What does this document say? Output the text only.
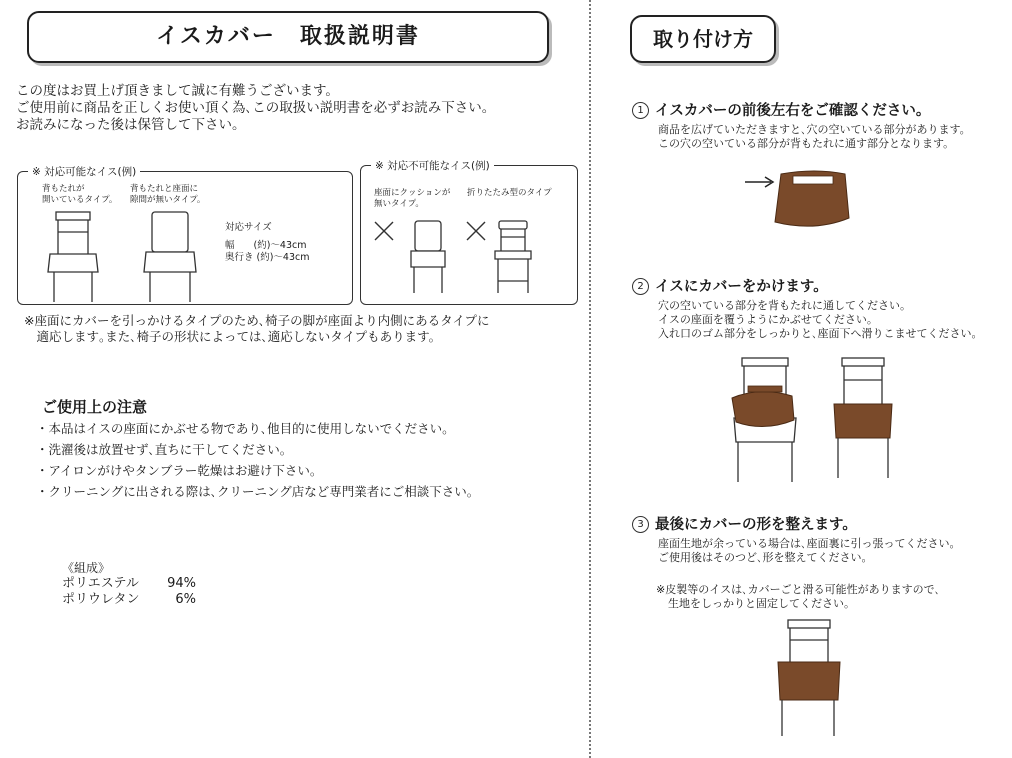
イスカバー　取扱説明書
この度はお買上げ頂きまして誠に有難うございます。
ご使用前に商品を正しくお使い頂く為､この取扱い説明書を必ずお読み下さい。
お読みになった後は保管して下さい。
※ 対応可能なイス(例)
背もたれが
開いているタイプ。
背もたれと座面に
隙間が無いタイプ。
対応サイズ
幅　　(約)～43cm
奥行き (約)～43cm
※ 対応不可能なイス(例)
座面にクッションが
無いタイプ。
折りたたみ型のタイプ
※座面にカバーを引っかけるタイプのため､椅子の脚が座面より内側にあるタイプに
　適応します｡また､椅子の形状によっては､適応しないタイプもあります。
ご使用上の注意
・本品はイスの座面にかぶせる物であり､他目的に使用しないでください。
・洗濯後は放置せず､直ちに干してください。
・アイロンがけやタンブラー乾燥はお避け下さい。
・クリーニングに出される際は､クリーニング店など専門業者にご相談下さい。
《組成》
ポリエステル 94%
ポリウレタン	6%
取り付け方
1 イスカバーの前後左右をご確認ください。
商品を広げていただきますと､穴の空いている部分があります。
この穴の空いている部分が背もたれに通す部分となります。
2 イスにカバーをかけます。
穴の空いている部分を背もたれに通してください。
イスの座面を覆うようにかぶせてください。
入れ口のゴム部分をしっかりと､座面下へ滑りこませてください。
3 最後にカバーの形を整えます。
座面生地が余っている場合は､座面裏に引っ張ってください。
ご使用後はそのつど､形を整えてください。
※皮製等のイスは､カバーごと滑る可能性がありますので､
生地をしっかりと固定してください。
